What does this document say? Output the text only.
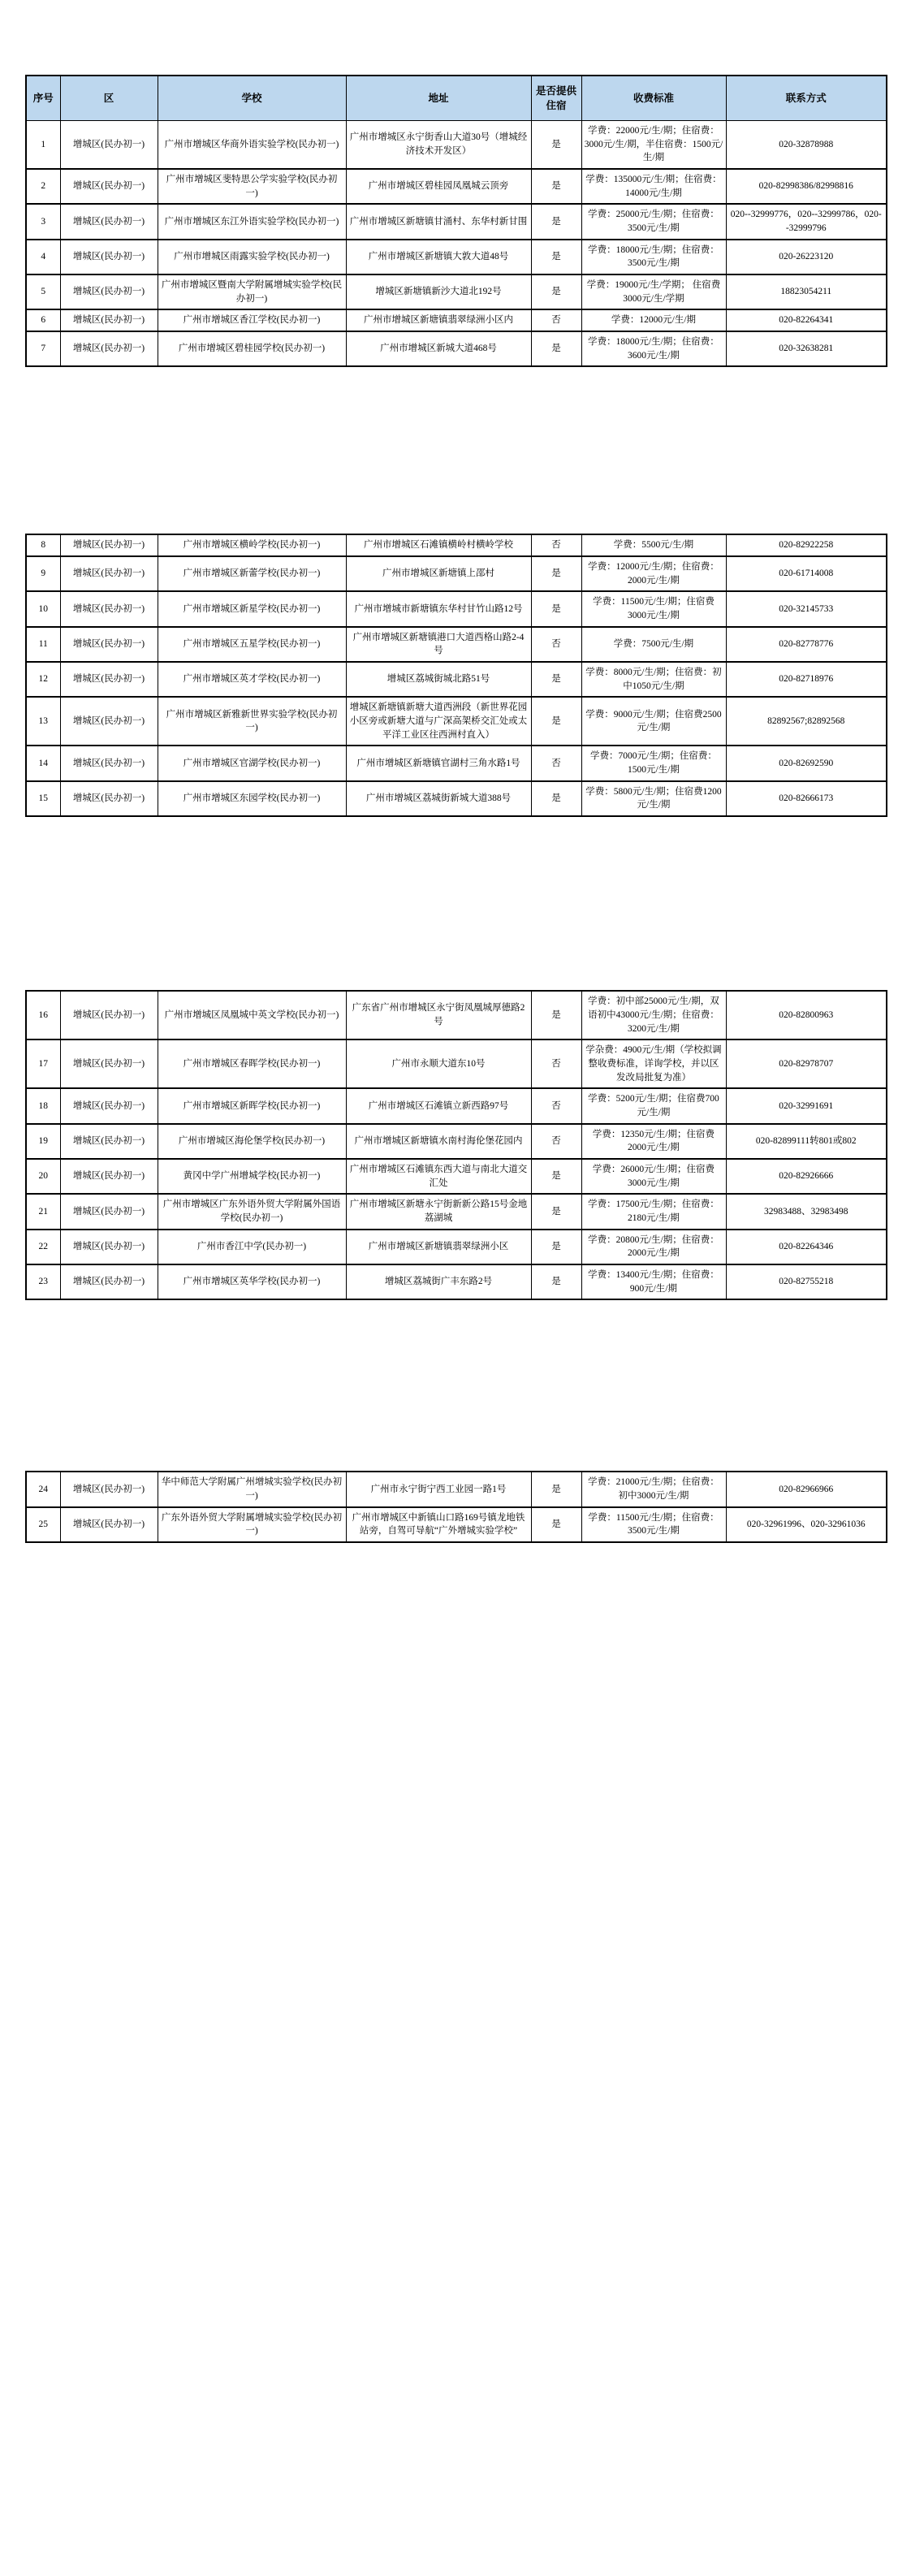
序号	区	学校	地址	是否提供住宿	收费标准	联系方式
1	增城区(民办初一)	广州市增城区华商外语实验学校(民办初一)	广州市增城区永宁街香山大道30号（增城经济技术开发区）	是	学费：22000元/生/期；住宿费：3000元/生/期，半住宿费：1500元/生/期	020-32878988
2	增城区(民办初一)	广州市增城区斐特思公学实验学校(民办初一)	广州市增城区碧桂园凤凰城云顶旁	是	学费：135000元/生/期；住宿费：14000元/生/期	020-82998386/82998816
3	增城区(民办初一)	广州市增城区东江外语实验学校(民办初一)	广州市增城区新塘镇甘涌村、东华村新甘围	是	学费：25000元/生/期；住宿费：3500元/生/期	020--32999776，020--32999786，020--32999796
4	增城区(民办初一)	广州市增城区雨露实验学校(民办初一)	广州市增城区新塘镇大敦大道48号	是	学费：18000元/生/期；住宿费：3500元/生/期	020-26223120
5	增城区(民办初一)	广州市增城区暨南大学附属增城实验学校(民办初一)	增城区新塘镇新沙大道北192号	是	学费：19000元/生/学期； 住宿费3000元/生/学期	18823054211
6	增城区(民办初一)	广州市增城区香江学校(民办初一)	广州市增城区新塘镇翡翠绿洲小区内	否	学费：12000元/生/期	020-82264341
7	增城区(民办初一)	广州市增城区碧桂园学校(民办初一)	广州市增城区新城大道468号	是	学费：18000元/生/期；住宿费：3600元/生/期	020-32638281
8	增城区(民办初一)	广州市增城区横岭学校(民办初一)	广州市增城区石滩镇横岭村横岭学校	否	学费：5500元/生/期	020-82922258
9	增城区(民办初一)	广州市增城区新蕾学校(民办初一)	广州市增城区新塘镇上邵村	是	学费：12000元/生/期；住宿费：2000元/生/期	020-61714008
10	增城区(民办初一)	广州市增城区新星学校(民办初一)	广州市增城市新塘镇东华村甘竹山路12号	是	学费：11500元/生/期；住宿费3000元/生/期	020-32145733
11	增城区(民办初一)	广州市增城区五星学校(民办初一)	广州市增城区新塘镇港口大道西格山路2-4号	否	学费：7500元/生/期	020-82778776
12	增城区(民办初一)	广州市增城区英才学校(民办初一)	增城区荔城街城北路51号	是	学费：8000元/生/期；住宿费：初中1050元/生/期	020-82718976
13	增城区(民办初一)	广州市增城区新雅新世界实验学校(民办初一)	增城区新塘镇新塘大道西洲段（新世界花园小区旁或新塘大道与广深高架桥交汇处或太平洋工业区往西洲村直入）	是	学费：9000元/生/期；住宿费2500元/生/期	82892567;82892568
14	增城区(民办初一)	广州市增城区官湖学校(民办初一)	广州市增城区新塘镇官湖村三角水路1号	否	学费：7000元/生/期；住宿费：1500元/生/期	020-82692590
15	增城区(民办初一)	广州市增城区东园学校(民办初一)	广州市增城区荔城街新城大道388号	是	学费：5800元/生/期；住宿费1200元/生/期	020-82666173
16	增城区(民办初一)	广州市增城区凤凰城中英文学校(民办初一)	广东省广州市增城区永宁街凤凰城厚德路2号	是	学费：初中部25000元/生/期，双语初中43000元/生/期；住宿费：3200元/生/期	020-82800963
17	增城区(民办初一)	广州市增城区春晖学校(民办初一)	广州市永顺大道东10号	否	学杂费：4900元/生/期（学校拟调整收费标准，详询学校，并以区发改局批复为准）	020-82978707
18	增城区(民办初一)	广州市增城区新晖学校(民办初一)	广州市增城区石滩镇立新西路97号	否	学费：5200元/生/期；住宿费700元/生/期	020-32991691
19	增城区(民办初一)	广州市增城区海伦堡学校(民办初一)	广州市增城区新塘镇水南村海伦堡花园内	否	学费：12350元/生/期；住宿费2000元/生/期	020-82899111转801或802
20	增城区(民办初一)	黄冈中学广州增城学校(民办初一)	广州市增城区石滩镇东西大道与南北大道交汇处	是	学费：26000元/生/期；住宿费3000元/生/期	020-82926666
21	增城区(民办初一)	广州市增城区广东外语外贸大学附属外国语学校(民办初一)	广州市增城区新塘永宁街新新公路15号金地荔湖城	是	学费：17500元/生/期；住宿费：2180元/生/期	32983488、32983498
22	增城区(民办初一)	广州市香江中学(民办初一)	广州市增城区新塘镇翡翠绿洲小区	是	学费：20800元/生/期；住宿费：2000元/生/期	020-82264346
23	增城区(民办初一)	广州市增城区英华学校(民办初一)	增城区荔城街广丰东路2号	是	学费：13400元/生/期；住宿费：900元/生/期	020-82755218
24	增城区(民办初一)	华中师范大学附属广州增城实验学校(民办初一)	广州市永宁街宁西工业园一路1号	是	学费：21000元/生/期；住宿费：初中3000元/生/期	020-82966966
25	增城区(民办初一)	广东外语外贸大学附属增城实验学校(民办初一)	广州市增城区中新镇山口路169号镇龙地铁站旁，自驾可导航“广外增城实验学校”	是	学费：11500元/生/期；住宿费：3500元/生/期	020-32961996、020-32961036
